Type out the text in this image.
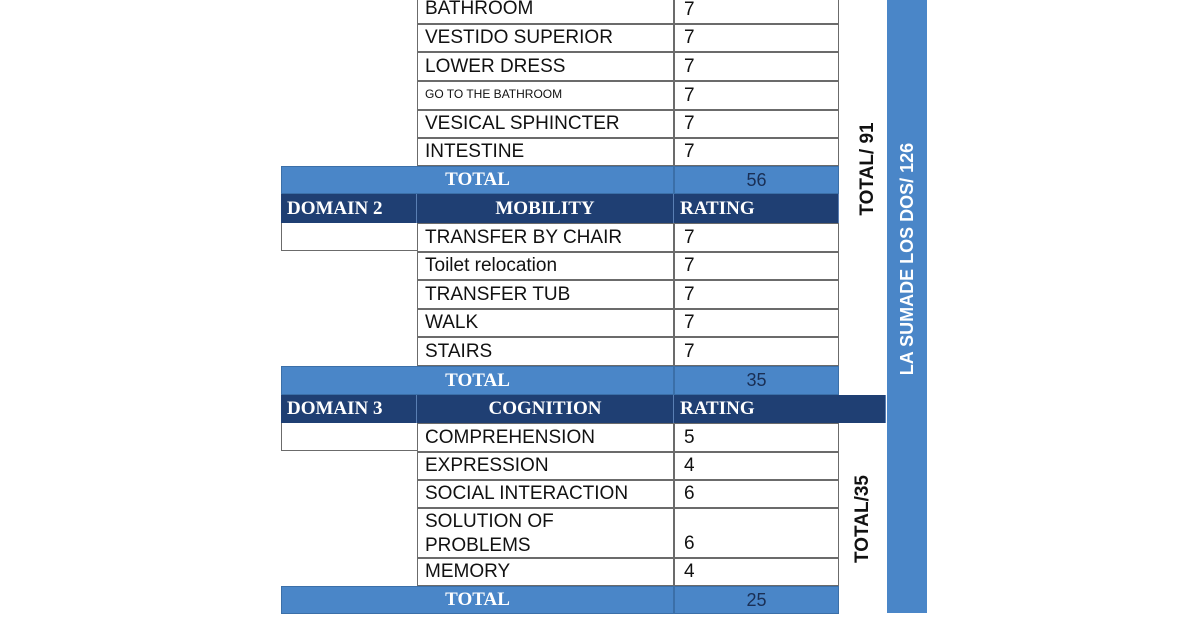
BATHROOM	7
VESTIDO SUPERIOR	7
LOWER DRESS	7
GO TO THE BATHROOM	7
VESICAL SPHINCTER	7
INTESTINE	7
TOTAL	56
DOMAIN 2	MOBILITY	RATING
TRANSFER BY CHAIR	7
Toilet relocation	7
TRANSFER TUB	7
WALK	7
STAIRS	7
TOTAL	35
DOMAIN 3	COGNITION	RATING
COMPREHENSION	5
EXPRESSION	4
SOCIAL INTERACTION	6
SOLUTION OF PROBLEMS	6
MEMORY	4
TOTAL	25
TOTAL/ 91
TOTAL/35
LA SUMADE LOS DOS/ 126
